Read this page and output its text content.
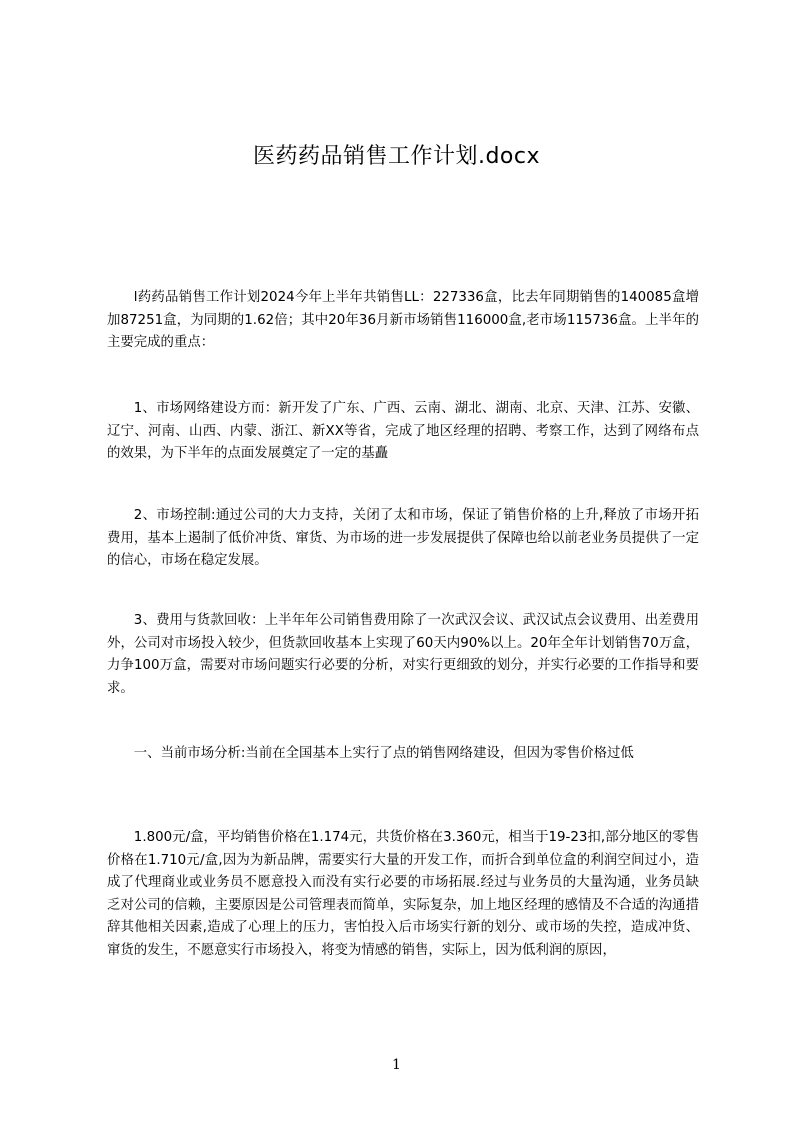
医药药品销售工作计划.docx

l药药品销售工作计划2024今年上半年共销售LL：227336盒，比去年同期销售的140085盒增加87251盒，为同期的1.62倍；其中20年36月新市场销售116000盒,老市场115736盒。上半年的主要完成的重点：

1、市场网络建设方而：新开发了广东、广西、云南、湖北、湖南、北京、天津、江苏、安徽、辽宁、河南、山西、内蒙、浙江、新XX等省，完成了地区经理的招聘、考察工作，达到了网络布点的效果，为下半年的点面发展奠定了一定的基矗

2、市场控制:通过公司的大力支持，关闭了太和市场，保证了销售价格的上升,释放了市场开拓费用，基本上遏制了低价冲货、窜货、为市场的进一步发展提供了保障也给以前老业务员提供了一定的信心，市场在稳定发展。

3、费用与货款回收：上半年年公司销售费用除了一次武汉会议、武汉试点会议费用、出差费用外，公司对市场投入较少，但货款回收基本上实现了60天内90%以上。20年全年计划销售70万盒，力争100万盒，需要对市场问题实行必要的分析，对实行更细致的划分，并实行必要的工作指导和要求。

一、当前市场分析:当前在全国基本上实行了点的销售网络建设，但因为零售价格过低

1.800元/盒，平均销售价格在1.174元，共货价格在3.360元，相当于19-23扣,部分地区的零售价格在1.710元/盒,因为为新品牌，需要实行大量的开发工作，而折合到单位盒的利润空间过小，造成了代理商业或业务员不愿意投入而没有实行必要的市场拓展.经过与业务员的大量沟通，业务员缺乏对公司的信赖，主要原因是公司管理表而简单，实际复杂，加上地区经理的感情及不合适的沟通措辞其他相关因素,造成了心理上的压力，害怕投入后市场实行新的划分、或市场的失控，造成冲货、窜货的发生，不愿意实行市场投入，将变为情感的销售，实际上，因为低利润的原因，

1
